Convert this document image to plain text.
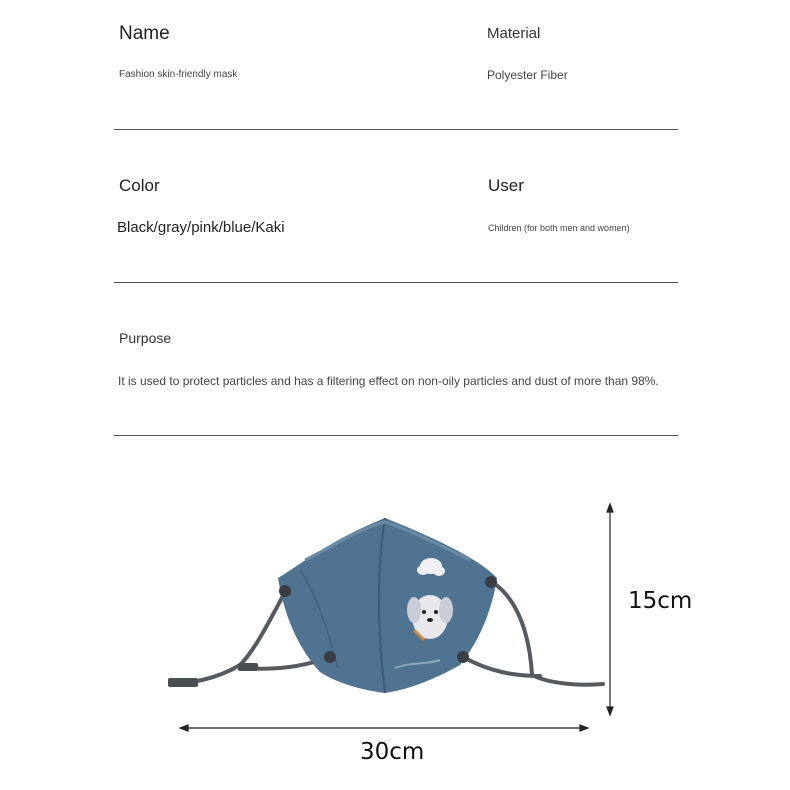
Name
Fashion skin-friendly mask
Material
Polyester Fiber
Color
Black/gray/pink/blue/Kaki
User
Children (for both men and women)
Purpose
It is used to protect particles and has a filtering effect on non-oily particles and dust of more than 98%.
15cm
30cm
